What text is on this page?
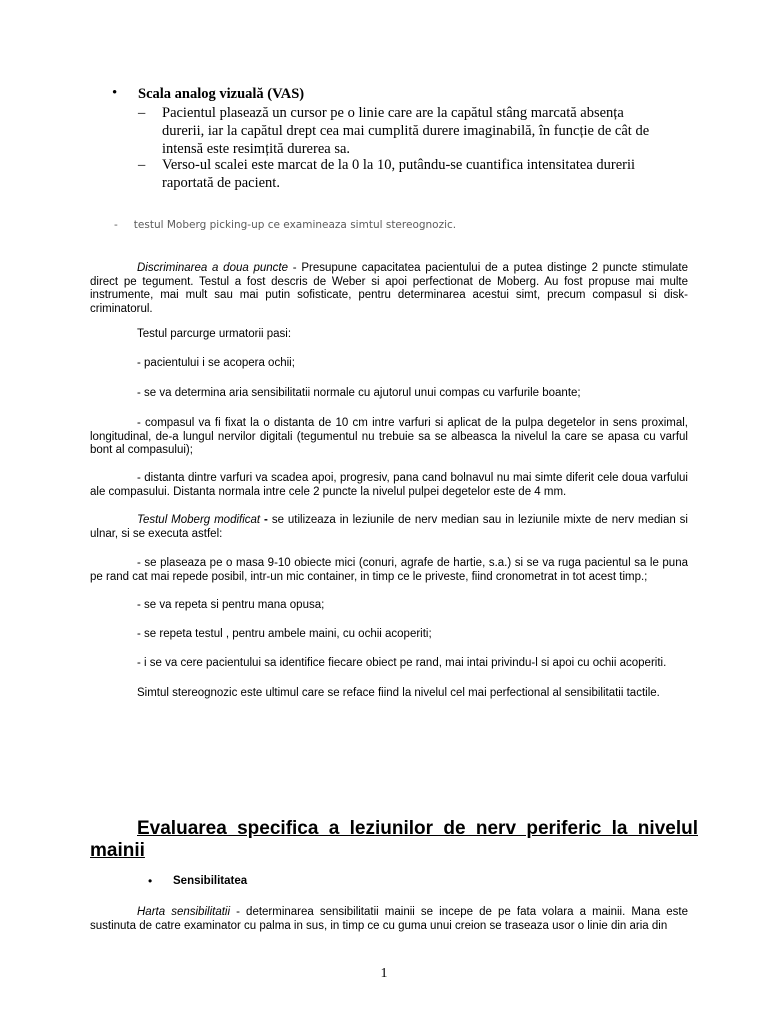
• Scala analog vizuală (VAS)
– Pacientul plasează un cursor pe o linie care are la capătul stâng marcată absența durerii, iar la capătul drept cea mai cumplită durere imaginabilă, în funcție de cât de intensă este resimțită durerea sa.
– Verso-ul scalei este marcat de la 0 la 10, putându-se cuantifica intensitatea durerii raportată de pacient.
- testul Moberg picking-up ce examineaza simtul stereognozic.
Discriminarea a doua puncte - Presupune capacitatea pacientului de a putea distinge 2 puncte stimulate direct pe tegument. Testul a fost descris de Weber si apoi perfectionat de Moberg. Au fost propuse mai multe instrumente, mai mult sau mai putin sofisticate, pentru determinarea acestui simt, precum compasul si disk-criminatorul.
Testul parcurge urmatorii pasi:
- pacientului i se acopera ochii;
- se va determina aria sensibilitatii normale cu ajutorul unui compas cu varfurile boante;
- compasul va fi fixat la o distanta de 10 cm intre varfuri si aplicat de la pulpa degetelor in sens proximal, longitudinal, de-a lungul nervilor digitali (tegumentul nu trebuie sa se albeasca la nivelul la care se apasa cu varful bont al compasului);
- distanta dintre varfuri va scadea apoi, progresiv, pana cand bolnavul nu mai simte diferit cele doua varfului ale compasului. Distanta normala intre cele 2 puncte la nivelul pulpei degetelor este de 4 mm.
Testul Moberg modificat - se utilizeaza in leziunile de nerv median sau in leziunile mixte de nerv median si ulnar, si se executa astfel:
- se plaseaza pe o masa 9-10 obiecte mici (conuri, agrafe de hartie, s.a.) si se va ruga pacientul sa le puna pe rand cat mai repede posibil, intr-un mic container, in timp ce le priveste, fiind cronometrat in tot acest timp.;
- se va repeta si pentru mana opusa;
- se repeta testul , pentru ambele maini, cu ochii acoperiti;
- i se va cere pacientului sa identifice fiecare obiect pe rand, mai intai privindu-l si apoi cu ochii acoperiti.
Simtul stereognozic este ultimul care se reface fiind la nivelul cel mai perfectional al sensibilitatii tactile.
Evaluarea specifica a leziunilor de nerv periferic la nivelul mainii
• Sensibilitatea
Harta sensibilitatii - determinarea sensibilitatii mainii se incepe de pe fata volara a mainii. Mana este sustinuta de catre examinator cu palma in sus, in timp ce cu guma unui creion se traseaza usor o linie din aria din
1
